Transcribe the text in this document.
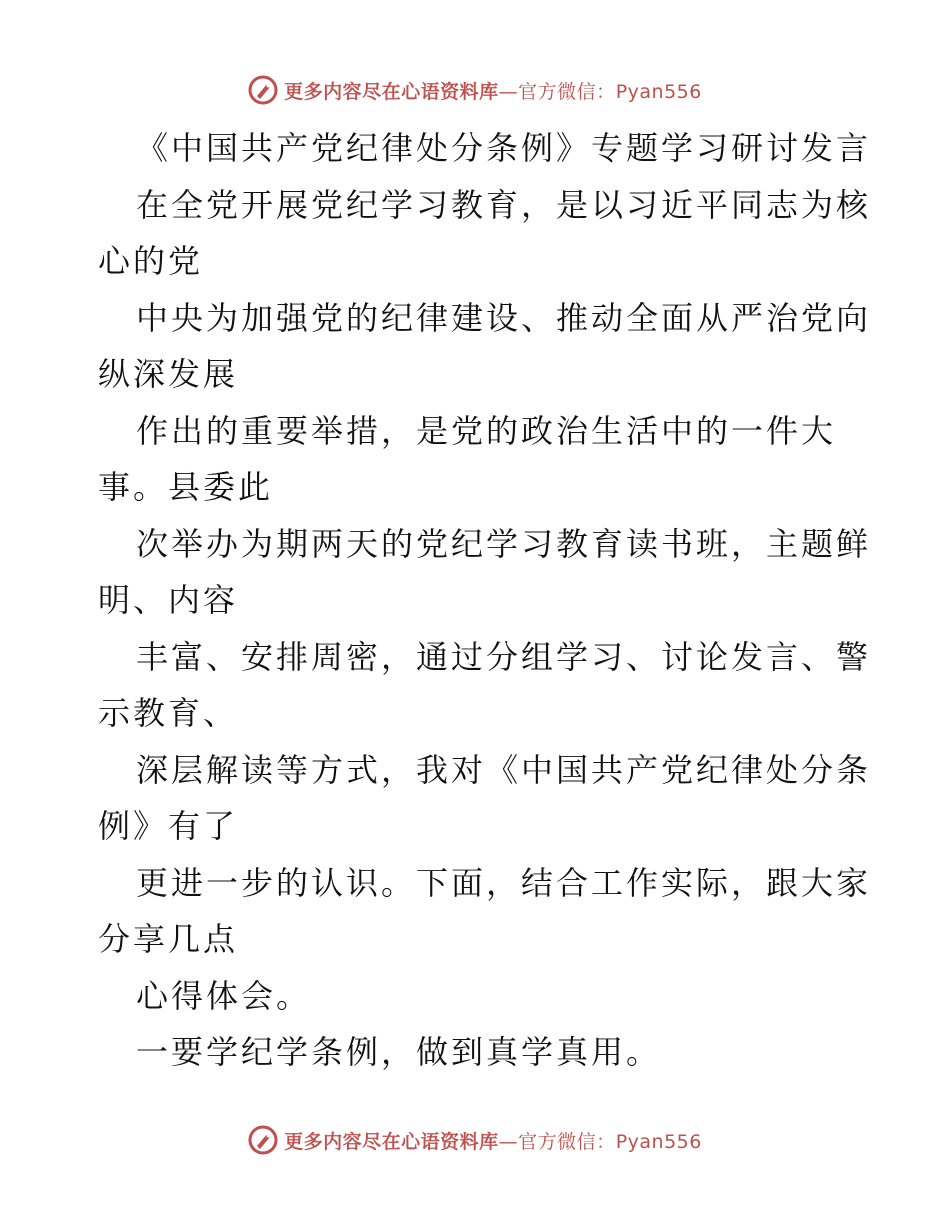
更多内容尽在心语资料库—官方微信：Pyan556
《中国共产党纪律处分条例》专题学习研讨发言
在全党开展党纪学习教育，是以习近平同志为核
心的党
中央为加强党的纪律建设、推动全面从严治党向
纵深发展
作出的重要举措，是党的政治生活中的一件大
事。县委此
次举办为期两天的党纪学习教育读书班，主题鲜
明、内容
丰富、安排周密，通过分组学习、讨论发言、警
示教育、
深层解读等方式，我对《中国共产党纪律处分条
例》有了
更进一步的认识。下面，结合工作实际，跟大家
分享几点
心得体会。
一要学纪学条例，做到真学真用。
更多内容尽在心语资料库—官方微信：Pyan556
